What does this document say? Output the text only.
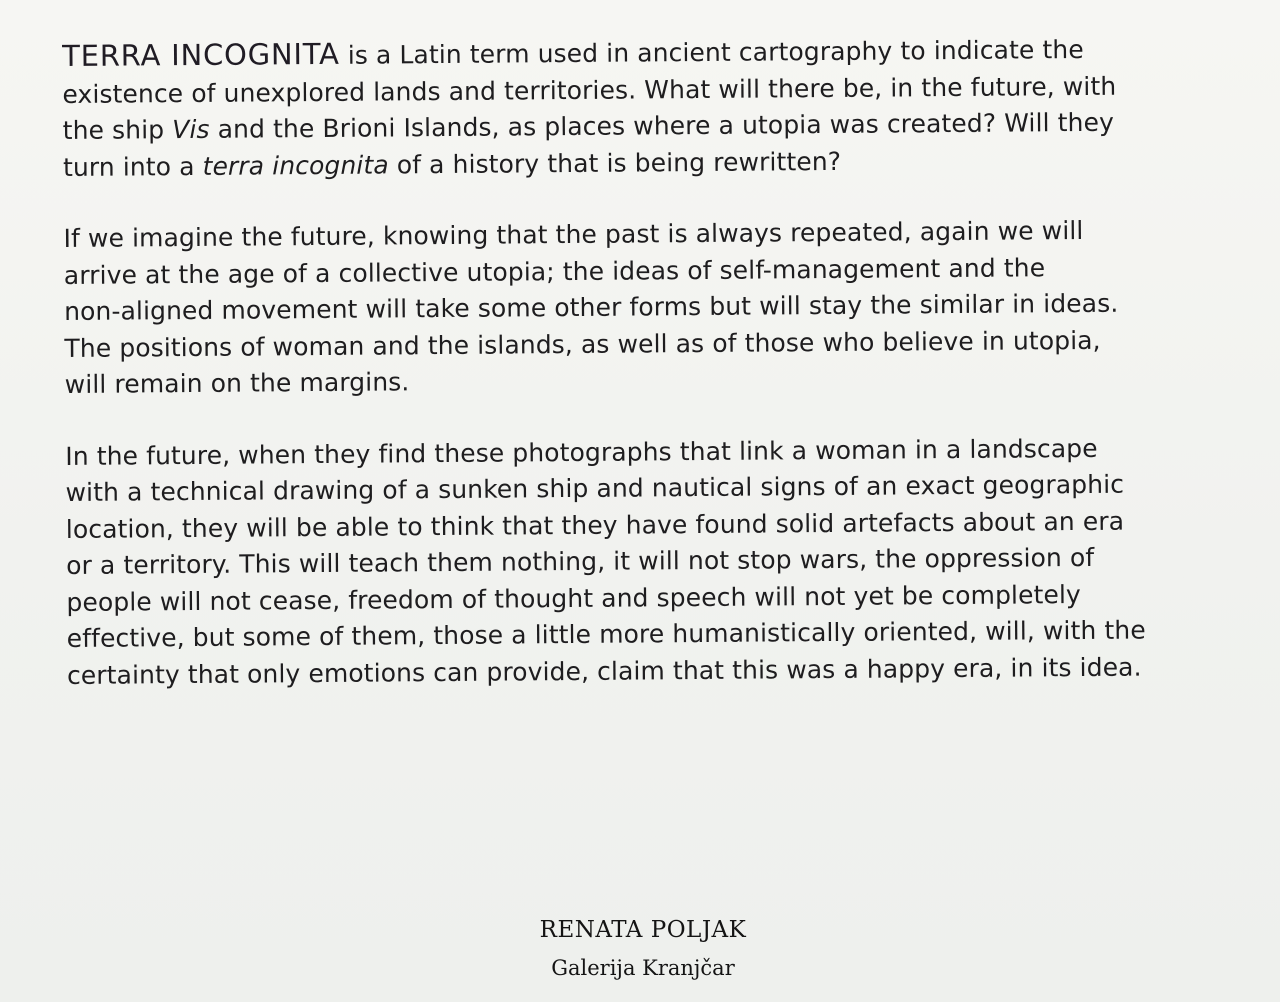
TERRA INCOGNITA is a Latin term used in ancient cartography to indicate the
existence of unexplored lands and territories. What will there be, in the future, with
the ship Vis and the Brioni Islands, as places where a utopia was created? Will they
turn into a terra incognita of a history that is being rewritten?

If we imagine the future, knowing that the past is always repeated, again we will
arrive at the age of a collective utopia; the ideas of self-management and the
non-aligned movement will take some other forms but will stay the similar in ideas.
The positions of woman and the islands, as well as of those who believe in utopia,
will remain on the margins.

In the future, when they find these photographs that link a woman in a landscape
with a technical drawing of a sunken ship and nautical signs of an exact geographic
location, they will be able to think that they have found solid artefacts about an era
or a territory. This will teach them nothing, it will not stop wars, the oppression of
people will not cease, freedom of thought and speech will not yet be completely
effective, but some of them, those a little more humanistically oriented, will, with the
certainty that only emotions can provide, claim that this was a happy era, in its idea.

RENATA POLJAK
Galerija Kranjčar
